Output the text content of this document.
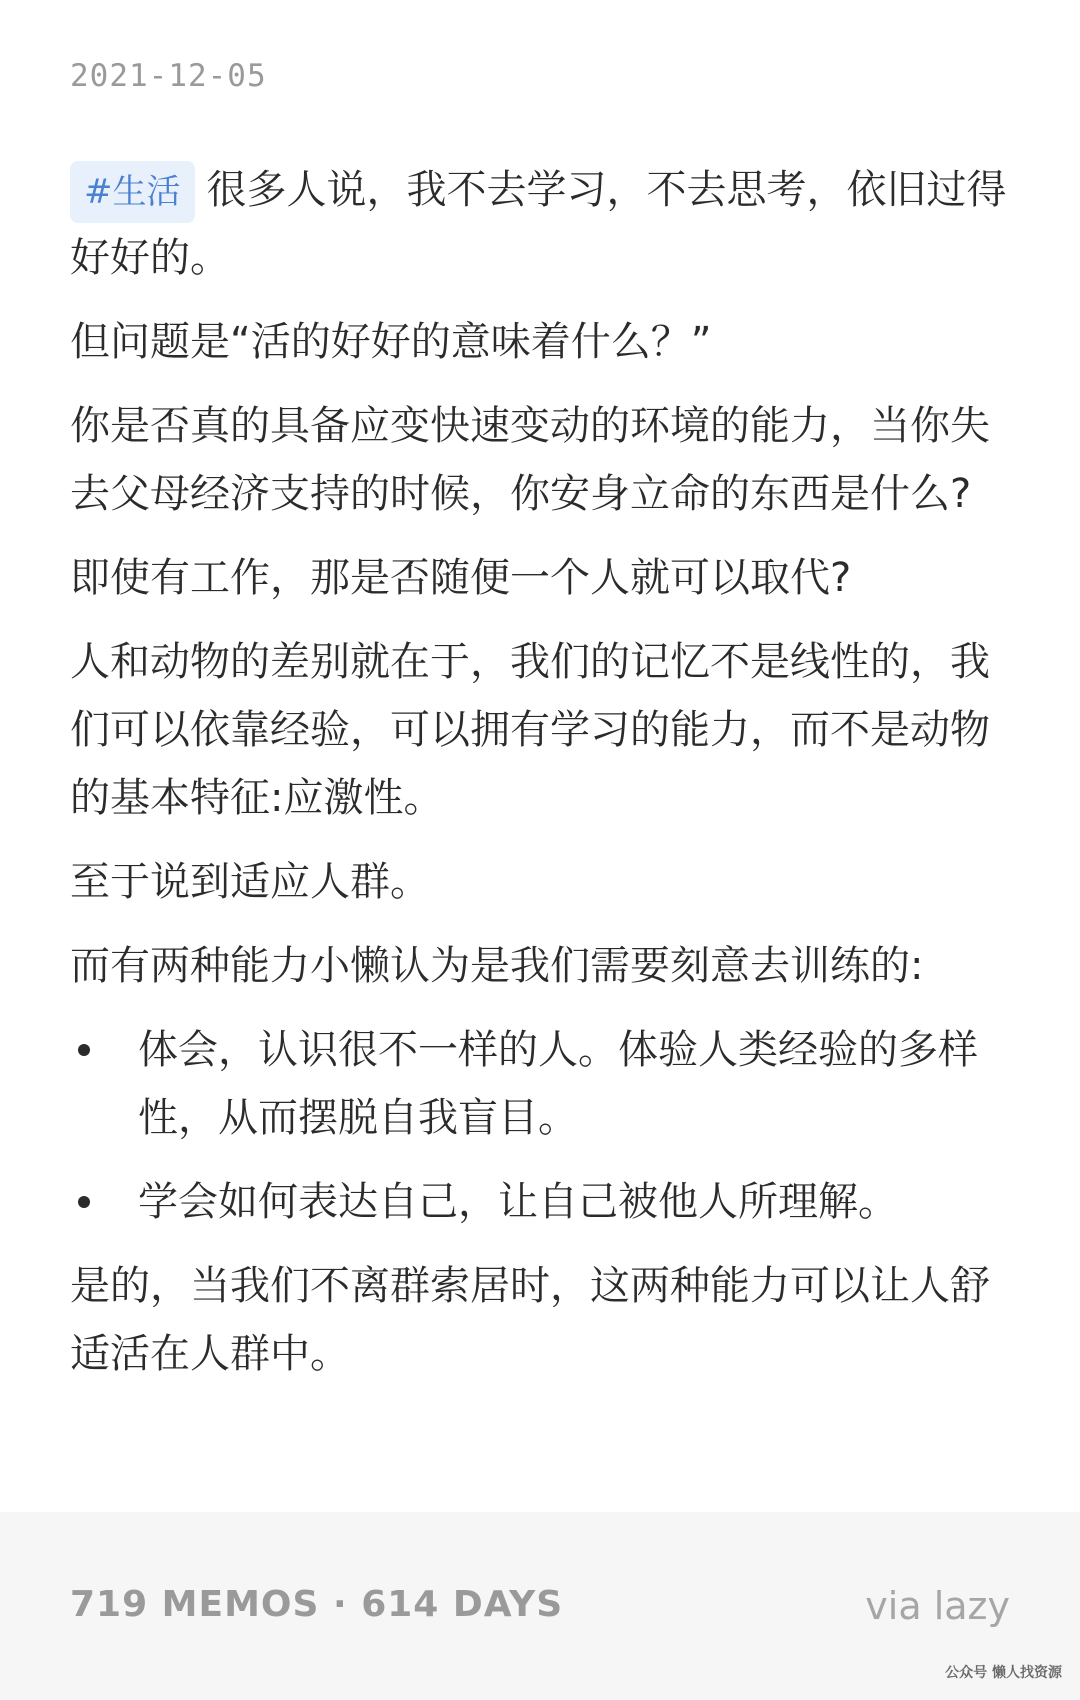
2021-12-05

#生活 很多人说，我不去学习，不去思考，依旧过得好好的。

但问题是“活的好好的意味着什么？”

你是否真的具备应变快速变动的环境的能力，当你失去父母经济支持的时候，你安身立命的东西是什么?

即使有工作，那是否随便一个人就可以取代?

人和动物的差别就在于，我们的记忆不是线性的，我们可以依靠经验，可以拥有学习的能力，而不是动物的基本特征:应激性。

至于说到适应人群。

而有两种能力小懒认为是我们需要刻意去训练的:

体会，认识很不一样的人。体验人类经验的多样性，从而摆脱自我盲目。
学会如何表达自己，让自己被他人所理解。

是的，当我们不离群索居时，这两种能力可以让人舒适活在人群中。

719 MEMOS · 614 DAYS	via lazy
公众号 懒人找资源
